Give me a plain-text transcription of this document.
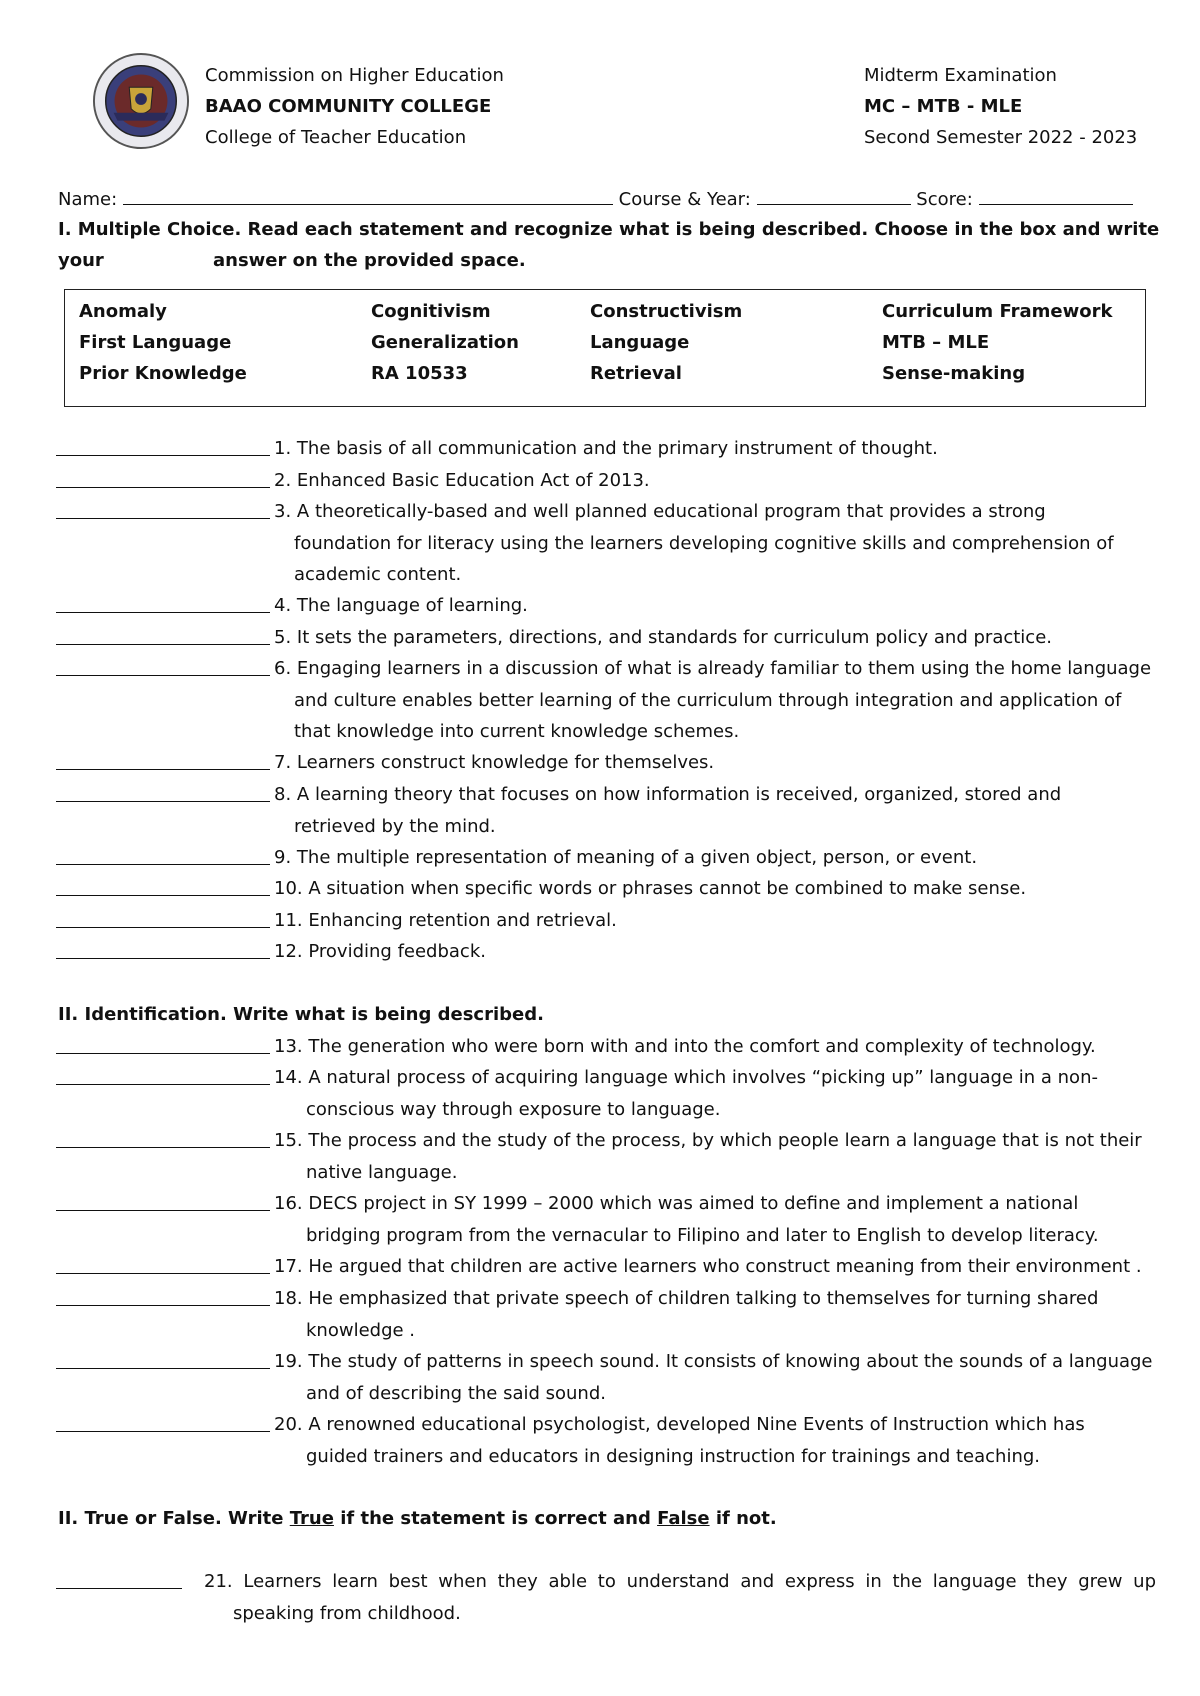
Commission on Higher Education
BAAO COMMUNITY COLLEGE
College of Teacher Education
Midterm Examination
MC – MTB - MLE
Second Semester 2022 - 2023
Name:	Course & Year:	Score:
I. Multiple Choice. Read each statement and recognize what is being described. Choose in the box and write your	answer on the provided space.
Anomaly	Cognitivism	Constructivism	Curriculum Framework
First Language	Generalization	Language	MTB – MLE
Prior Knowledge	RA 10533	Retrieval	Sense-making
1. The basis of all communication and the primary instrument of thought.
2. Enhanced Basic Education Act of 2013.
3. A theoretically-based and well planned educational program that provides a strong
foundation for literacy using the learners developing cognitive skills and comprehension of
academic content.
4. The language of learning.
5. It sets the parameters, directions, and standards for curriculum policy and practice.
6. Engaging learners in a discussion of what is already familiar to them using the home language
and culture enables better learning of the curriculum through integration and application of
that knowledge into current knowledge schemes.
7. Learners construct knowledge for themselves.
8. A learning theory that focuses on how information is received, organized, stored and
retrieved by the mind.
9. The multiple representation of meaning of a given object, person, or event.
10. A situation when specific words or phrases cannot be combined to make sense.
11. Enhancing retention and retrieval.
12. Providing feedback.
II. Identification. Write what is being described.
13. The generation who were born with and into the comfort and complexity of technology.
14. A natural process of acquiring language which involves “picking up” language in a non-
conscious way through exposure to language.
15. The process and the study of the process, by which people learn a language that is not their
native language.
16. DECS project in SY 1999 – 2000 which was aimed to define and implement a national
bridging program from the vernacular to Filipino and later to English to develop literacy.
17. He argued that children are active learners who construct meaning from their environment .
18. He emphasized that private speech of children talking to themselves for turning shared
knowledge .
19. The study of patterns in speech sound. It consists of knowing about the sounds of a language
and of describing the said sound.
20. A renowned educational psychologist, developed Nine Events of Instruction which has
guided trainers and educators in designing instruction for trainings and teaching.
II. True or False. Write True if the statement is correct and False if not.
21. Learners learn best when they able to understand and express in the language they grew up
speaking from childhood.
